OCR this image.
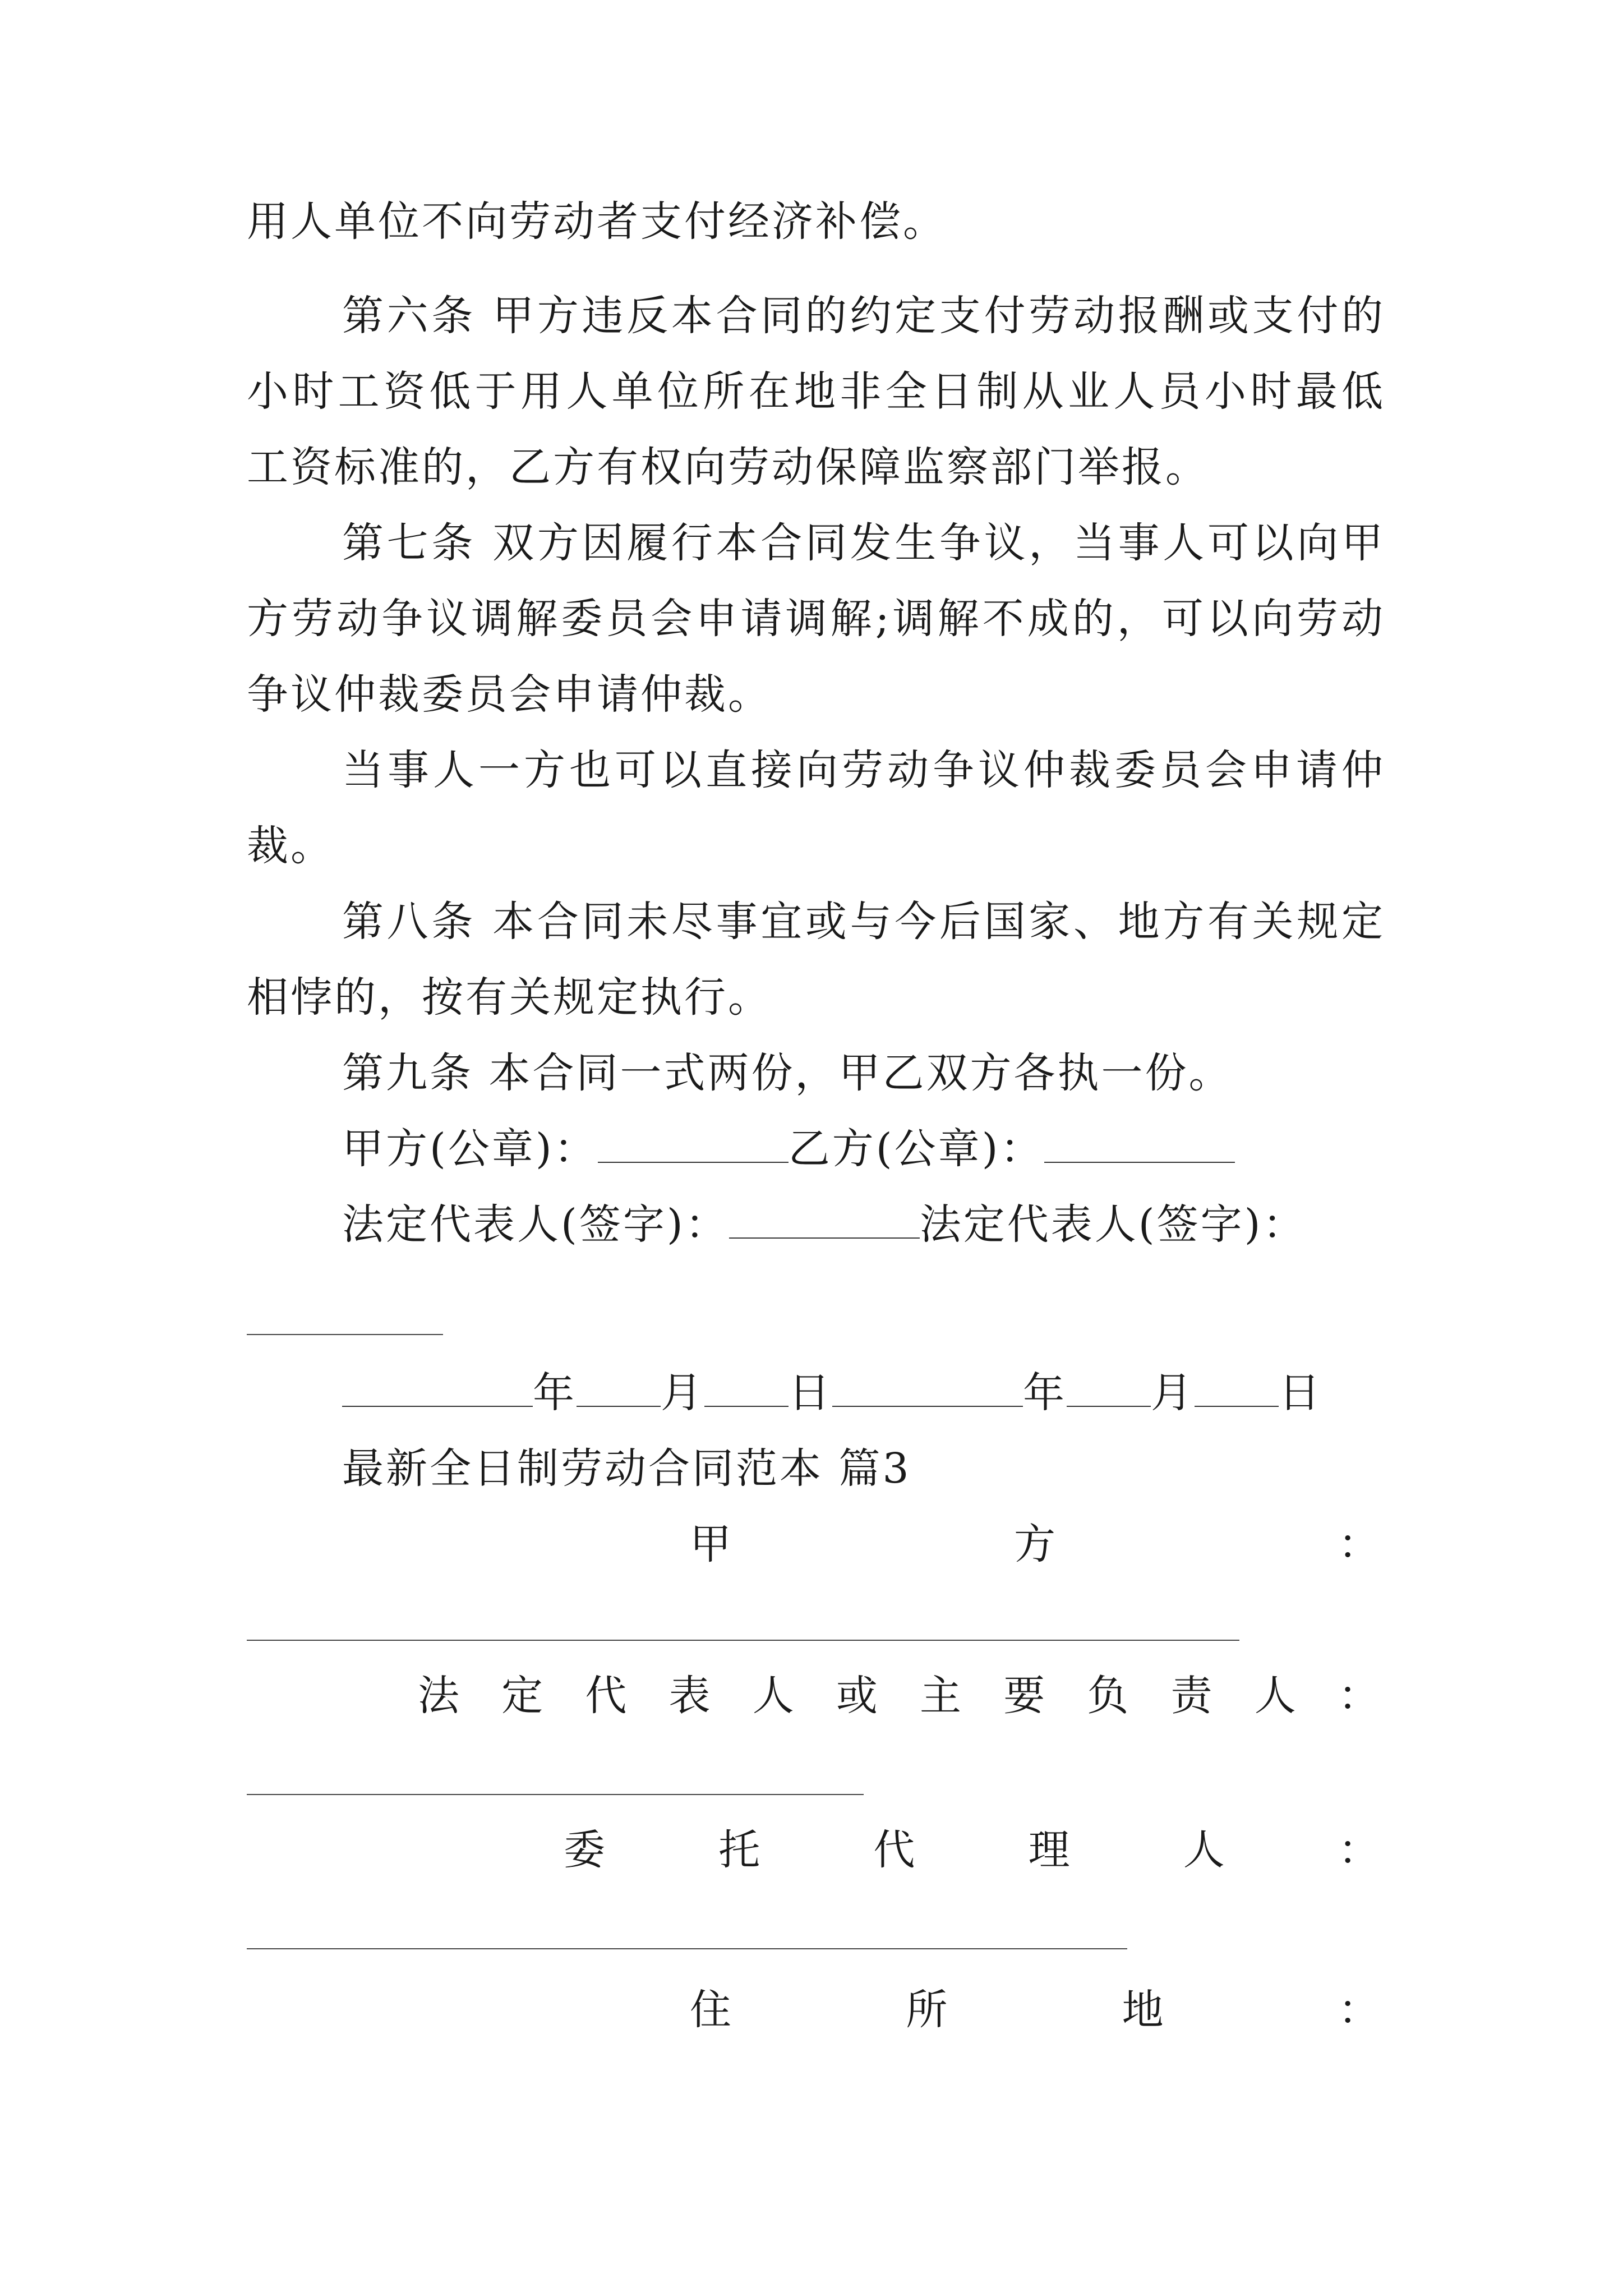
用人单位不向劳动者支付经济补偿。
第六条 甲方违反本合同的约定支付劳动报酬或支付的
小时工资低于用人单位所在地非全日制从业人员小时最低
工资标准的，乙方有权向劳动保障监察部门举报。
第七条 双方因履行本合同发生争议，当事人可以向甲
方劳动争议调解委员会申请调解;调解不成的，可以向劳动
争议仲裁委员会申请仲裁。
当事人一方也可以直接向劳动争议仲裁委员会申请仲
裁。
第八条 本合同未尽事宜或与今后国家、地方有关规定
相悖的，按有关规定执行。
第九条 本合同一式两份，甲乙双方各执一份。
甲方(公章)：	乙方(公章)：
法定代表人(签字)：	法定代表人(签字)：
年 月 日	年 月 日
最新全日制劳动合同范本 篇3
甲	方	：
法 定 代 表 人 或 主 要 负 责 人 ：
委	托	代	理	人	：
住	所	地	：
